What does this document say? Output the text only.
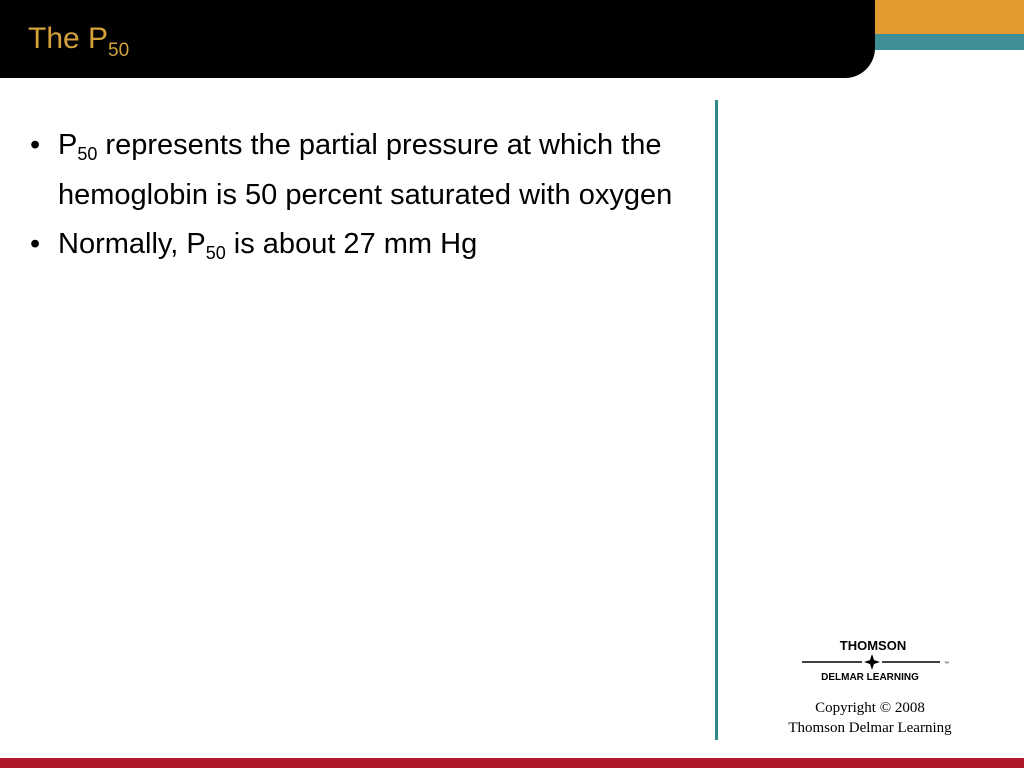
The $P_{50}$
• $P_{50}$ represents the partial pressure at which the hemoglobin is 50 percent saturated with oxygen
• Normally, $P_{50}$ is about 27 mm Hg
THOMSON
™
DELMAR LEARNING
Copyright © 2008
Thomson Delmar Learning
